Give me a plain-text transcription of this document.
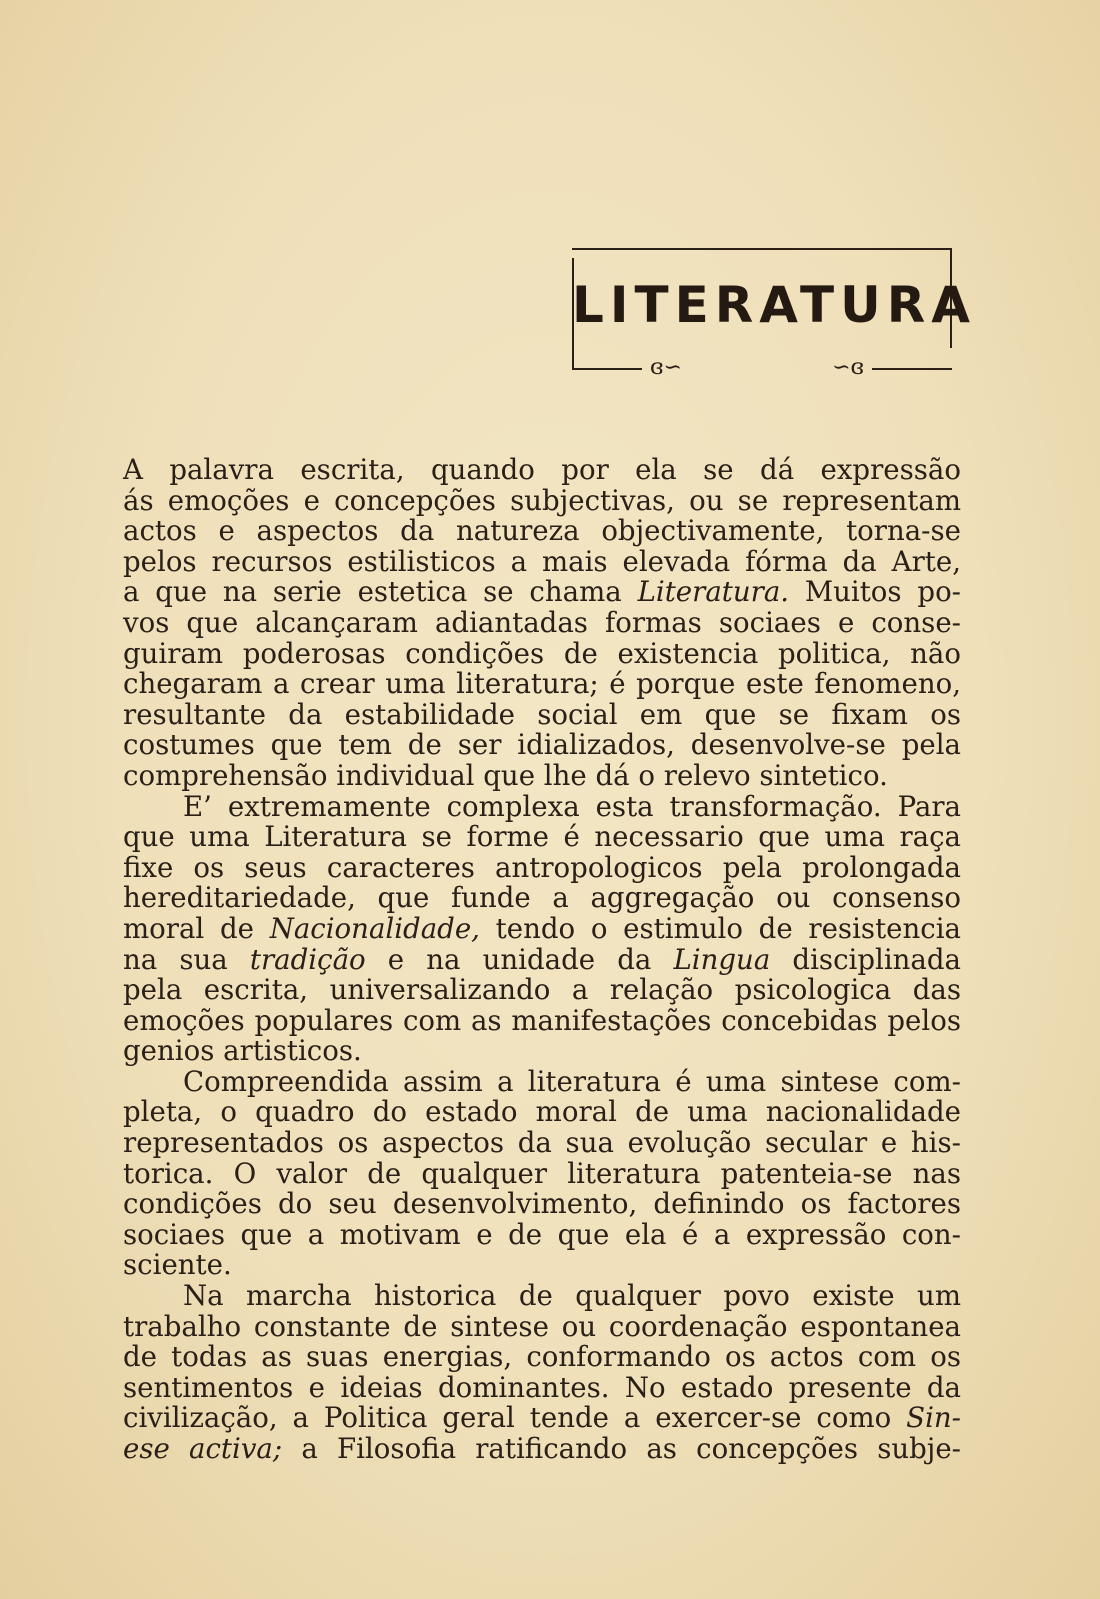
LITERATURA
ɞ∽	∽ɞ
A palavra escrita, quando por ela se dá expressão
ás emoções e concepções subjectivas, ou se representam
actos e aspectos da natureza objectivamente, torna-se
pelos recursos estilisticos a mais elevada fórma da Arte,
a que na serie estetica se chama Literatura. Muitos po-
vos que alcançaram adiantadas formas sociaes e conse-
guiram poderosas condições de existencia politica, não
chegaram a crear uma literatura; é porque este fenomeno,
resultante da estabilidade social em que se fixam os
costumes que tem de ser idializados, desenvolve-se pela
comprehensão individual que lhe dá o relevo sintetico.
E’ extremamente complexa esta transformação. Para
que uma Literatura se forme é necessario que uma raça
fixe os seus caracteres antropologicos pela prolongada
hereditariedade, que funde a aggregação ou consenso
moral de Nacionalidade, tendo o estimulo de resistencia
na sua tradição e na unidade da Lingua disciplinada
pela escrita, universalizando a relação psicologica das
emoções populares com as manifestações concebidas pelos
genios artisticos.
Compreendida assim a literatura é uma sintese com-
pleta, o quadro do estado moral de uma nacionalidade
representados os aspectos da sua evolução secular e his-
torica. O valor de qualquer literatura patenteia-se nas
condições do seu desenvolvimento, definindo os factores
sociaes que a motivam e de que ela é a expressão con-
sciente.
Na marcha historica de qualquer povo existe um
trabalho constante de sintese ou coordenação espontanea
de todas as suas energias, conformando os actos com os
sentimentos e ideias dominantes. No estado presente da
civilização, a Politica geral tende a exercer-se como Sin-
ese activa; a Filosofia ratificando as concepções subje-
